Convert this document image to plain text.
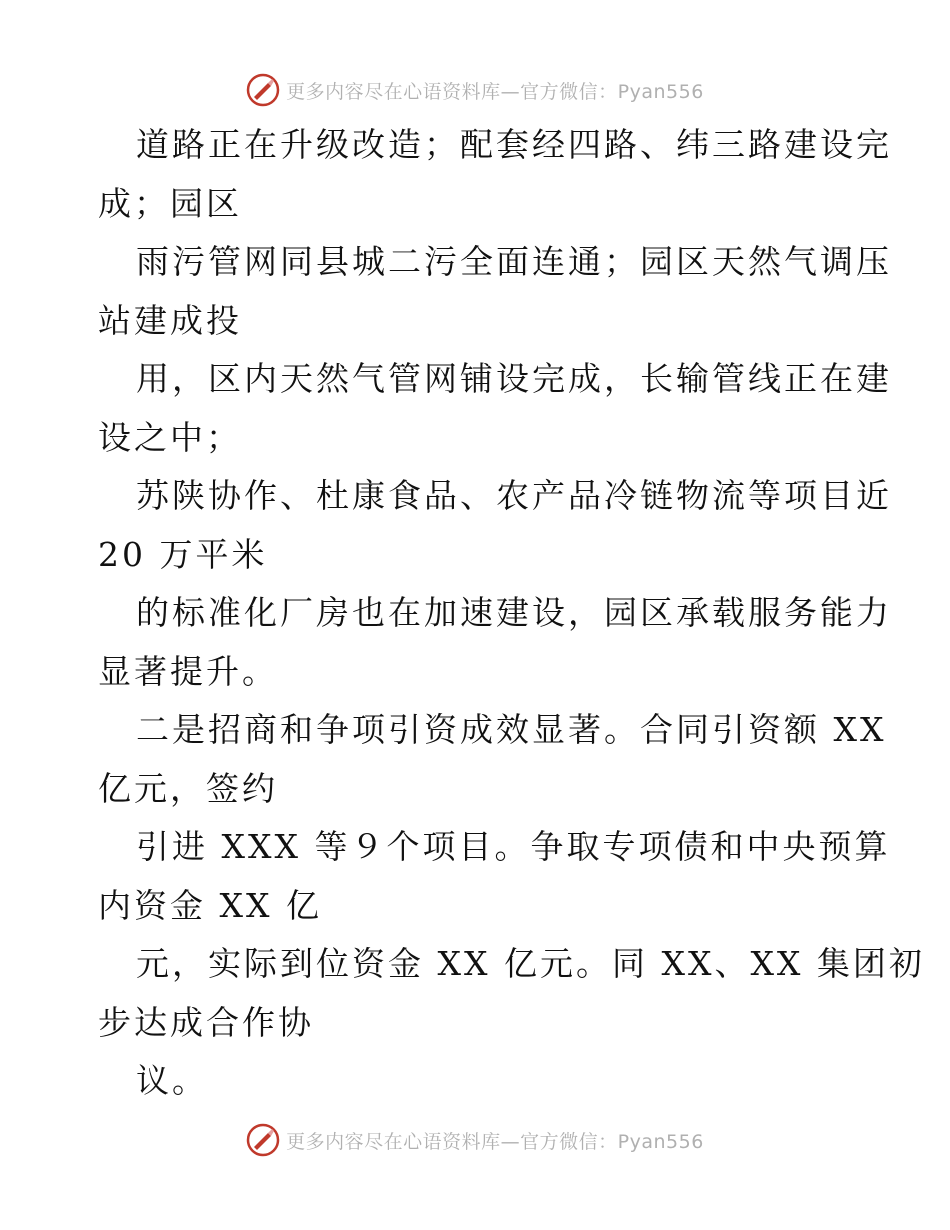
更多内容尽在心语资料库—官方微信：Pyan556
道路正在升级改造；配套经四路、纬三路建设完
成；园区
雨污管网同县城二污全面连通；园区天然气调压
站建成投
用，区内天然气管网铺设完成，长输管线正在建
设之中；
苏陕协作、杜康食品、农产品冷链物流等项目近
20 万平米
的标准化厂房也在加速建设，园区承载服务能力
显著提升。
二是招商和争项引资成效显著。合同引资额 XX
亿元，签约
引进 XXX 等９个项目。争取专项债和中央预算
内资金 XX 亿
元，实际到位资金 XX 亿元。同 XX、XX 集团初
步达成合作协
议。
更多内容尽在心语资料库—官方微信：Pyan556
